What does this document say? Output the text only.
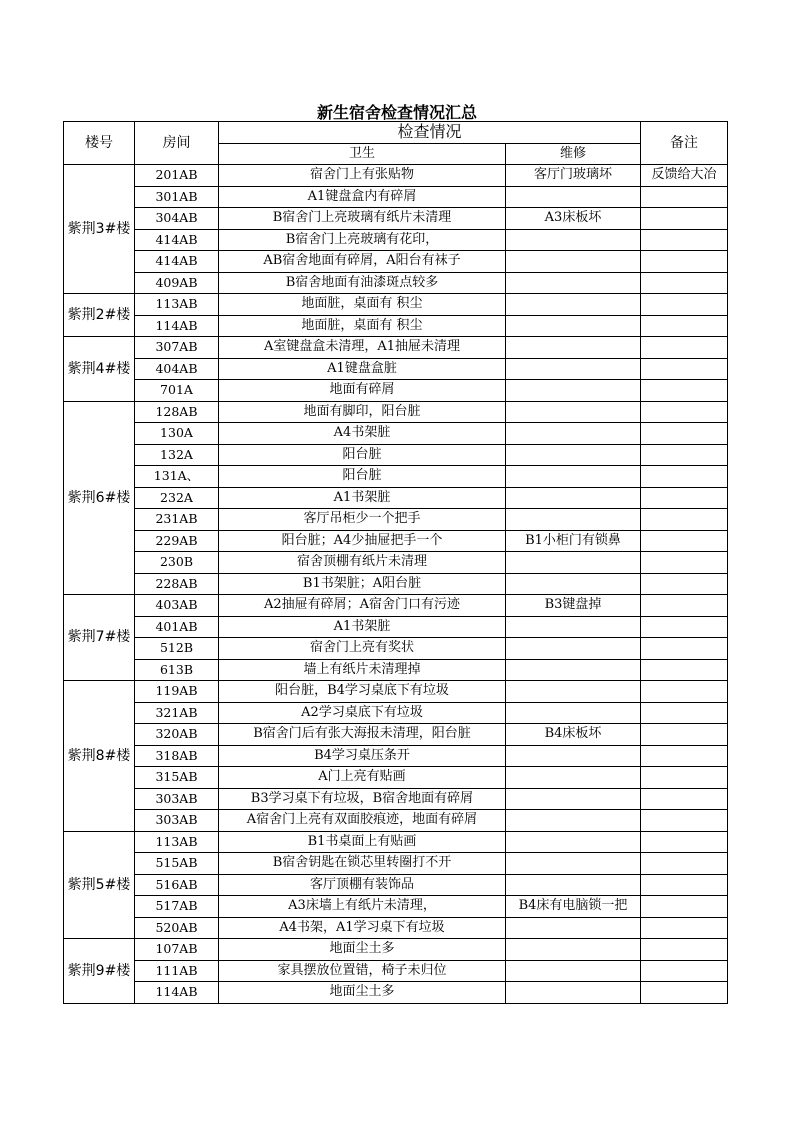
新生宿舍检查情况汇总
楼号	房间	检查情况		备注
		卫生	维修	
紫荆3#楼	201AB	宿舍门上有张贴物	客厅门玻璃坏	反馈给大冶
	301AB	A1键盘盒内有碎屑		
	304AB	B宿舍门上亮玻璃有纸片未清理	A3床板坏	
	414AB	B宿舍门上亮玻璃有花印，		
	414AB	AB宿舍地面有碎屑，A阳台有袜子		
	409AB	B宿舍地面有油漆斑点较多		
紫荆2#楼	113AB	地面脏，桌面有 积尘		
	114AB	地面脏，桌面有 积尘		
紫荆4#楼	307AB	A室键盘盒未清理，A1抽屉未清理		
	404AB	A1键盘盒脏		
	701A	地面有碎屑		
紫荆6#楼	128AB	地面有脚印，阳台脏		
	130A	A4书架脏		
	132A	阳台脏		
	131A、	阳台脏		
	232A	A1书架脏		
	231AB	客厅吊柜少一个把手		
	229AB	阳台脏；A4少抽屉把手一个	B1小柜门有锁鼻	
	230B	宿舍顶棚有纸片未清理		
	228AB	B1书架脏；A阳台脏		
紫荆7#楼	403AB	A2抽屉有碎屑；A宿舍门口有污迹	B3键盘掉	
	401AB	A1书架脏		
	512B	宿舍门上亮有奖状		
	613B	墙上有纸片未清理掉		
紫荆8#楼	119AB	阳台脏，B4学习桌底下有垃圾		
	321AB	A2学习桌底下有垃圾		
	320AB	B宿舍门后有张大海报未清理，阳台脏	B4床板坏	
	318AB	B4学习桌压条开		
	315AB	A门上亮有贴画		
	303AB	B3学习桌下有垃圾，B宿舍地面有碎屑		
	303AB	A宿舍门上亮有双面胶痕迹，地面有碎屑		
紫荆5#楼	113AB	B1书桌面上有贴画		
	515AB	B宿舍钥匙在锁芯里转圈打不开		
	516AB	客厅顶棚有装饰品		
	517AB	A3床墙上有纸片未清理，	B4床有电脑锁一把	
	520AB	A4书架，A1学习桌下有垃圾		
紫荆9#楼	107AB	地面尘土多		
	111AB	家具摆放位置错，椅子未归位		
	114AB	地面尘土多		
